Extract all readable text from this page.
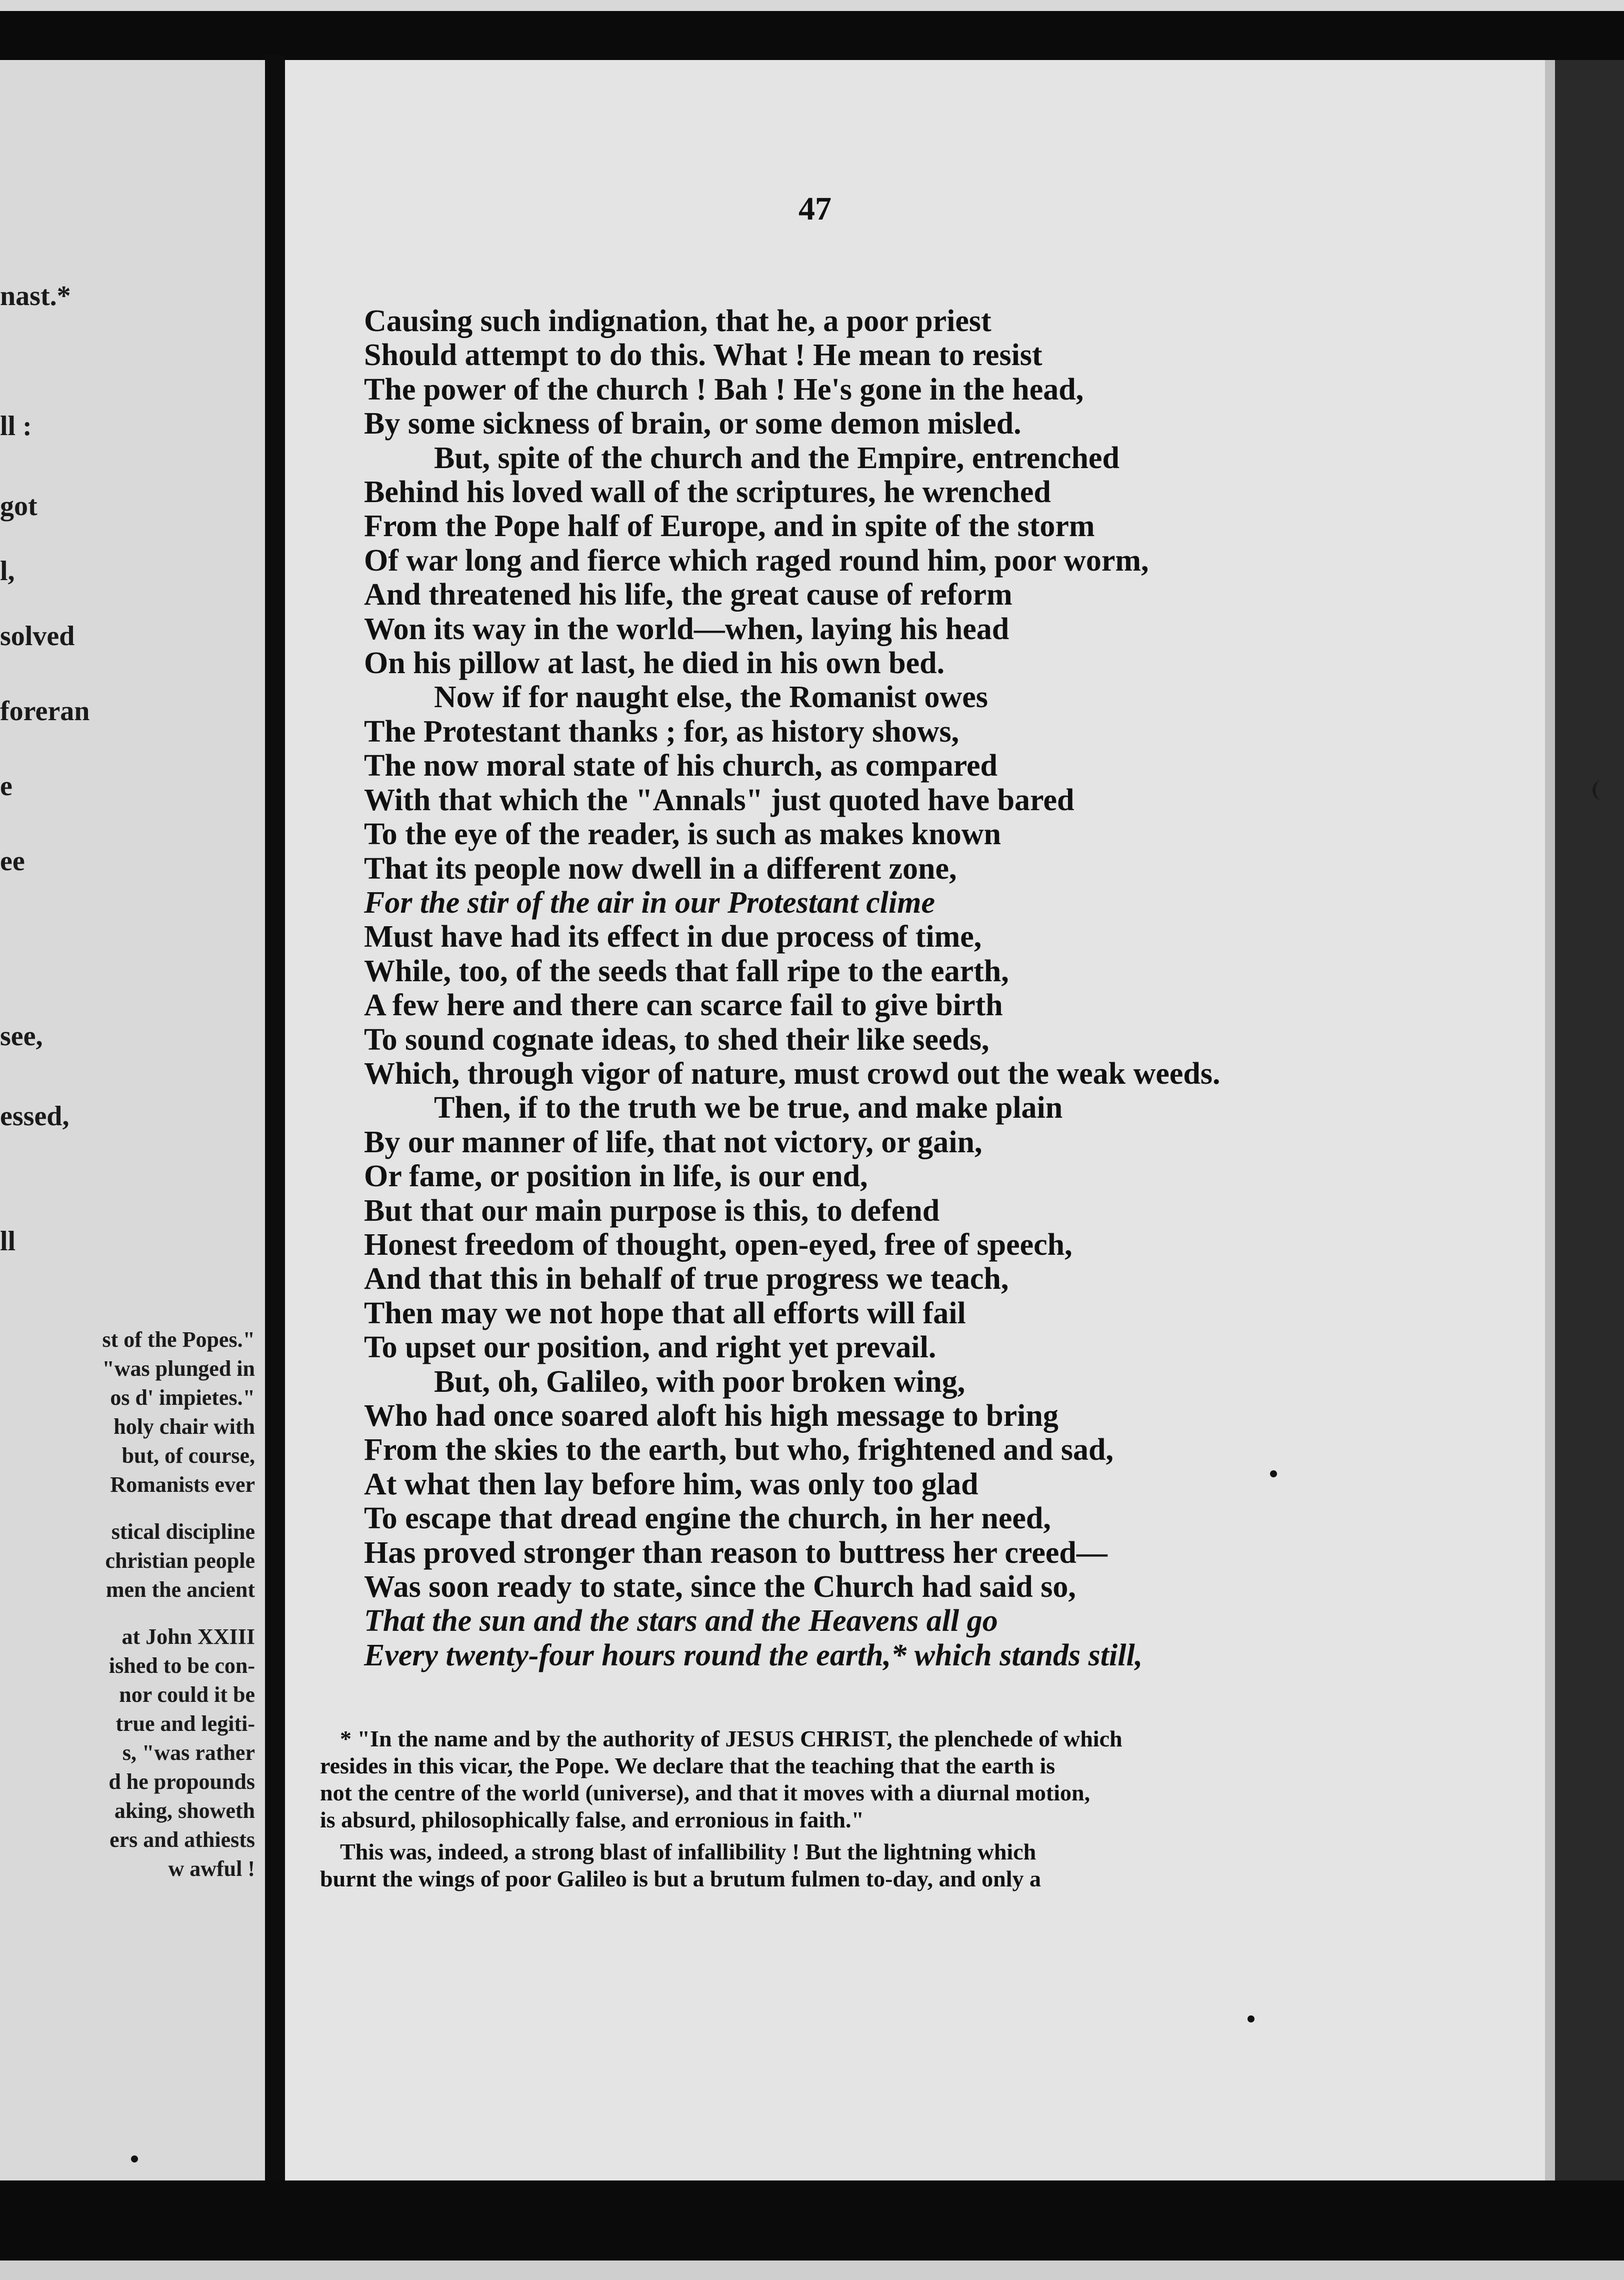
nast.*
ll :
got
l,
solved
foreran
e
ee
see,
essed,
ll
st of the Popes."
"was plunged in
os d' impietes."
holy chair with
but, of course,
Romanists ever
stical discipline
christian people
men the ancient
at John XXIII
ished to be con-
nor could it be
true and legiti-
s, "was rather
d he propounds
aking, showeth
ers and athiests
w awful !
47
Causing such indignation, that he, a poor priest
Should attempt to do this. What ! He mean to resist
The power of the church ! Bah ! He's gone in the head,
By some sickness of brain, or some demon misled.
But, spite of the church and the Empire, entrenched
Behind his loved wall of the scriptures, he wrenched
From the Pope half of Europe, and in spite of the storm
Of war long and fierce which raged round him, poor worm,
And threatened his life, the great cause of reform
Won its way in the world—when, laying his head
On his pillow at last, he died in his own bed.
Now if for naught else, the Romanist owes
The Protestant thanks ; for, as history shows,
The now moral state of his church, as compared
With that which the "Annals" just quoted have bared
To the eye of the reader, is such as makes known
That its people now dwell in a different zone,
For the stir of the air in our Protestant clime
Must have had its effect in due process of time,
While, too, of the seeds that fall ripe to the earth,
A few here and there can scarce fail to give birth
To sound cognate ideas, to shed their like seeds,
Which, through vigor of nature, must crowd out the weak weeds.
Then, if to the truth we be true, and make plain
By our manner of life, that not victory, or gain,
Or fame, or position in life, is our end,
But that our main purpose is this, to defend
Honest freedom of thought, open-eyed, free of speech,
And that this in behalf of true progress we teach,
Then may we not hope that all efforts will fail
To upset our position, and right yet prevail.
But, oh, Galileo, with poor broken wing,
Who had once soared aloft his high message to bring
From the skies to the earth, but who, frightened and sad,
At what then lay before him, was only too glad
To escape that dread engine the church, in her need,
Has proved stronger than reason to buttress her creed—
Was soon ready to state, since the Church had said so,
That the sun and the stars and the Heavens all go
Every twenty-four hours round the earth,* which stands still,
* "In the name and by the authority of JESUS CHRIST, the plenchede of which
resides in this vicar, the Pope. We declare that the teaching that the earth is
not the centre of the world (universe), and that it moves with a diurnal motion,
is absurd, philosophically false, and erronious in faith."
This was, indeed, a strong blast of infallibility ! But the lightning which
burnt the wings of poor Galileo is but a brutum fulmen to-day, and only a
